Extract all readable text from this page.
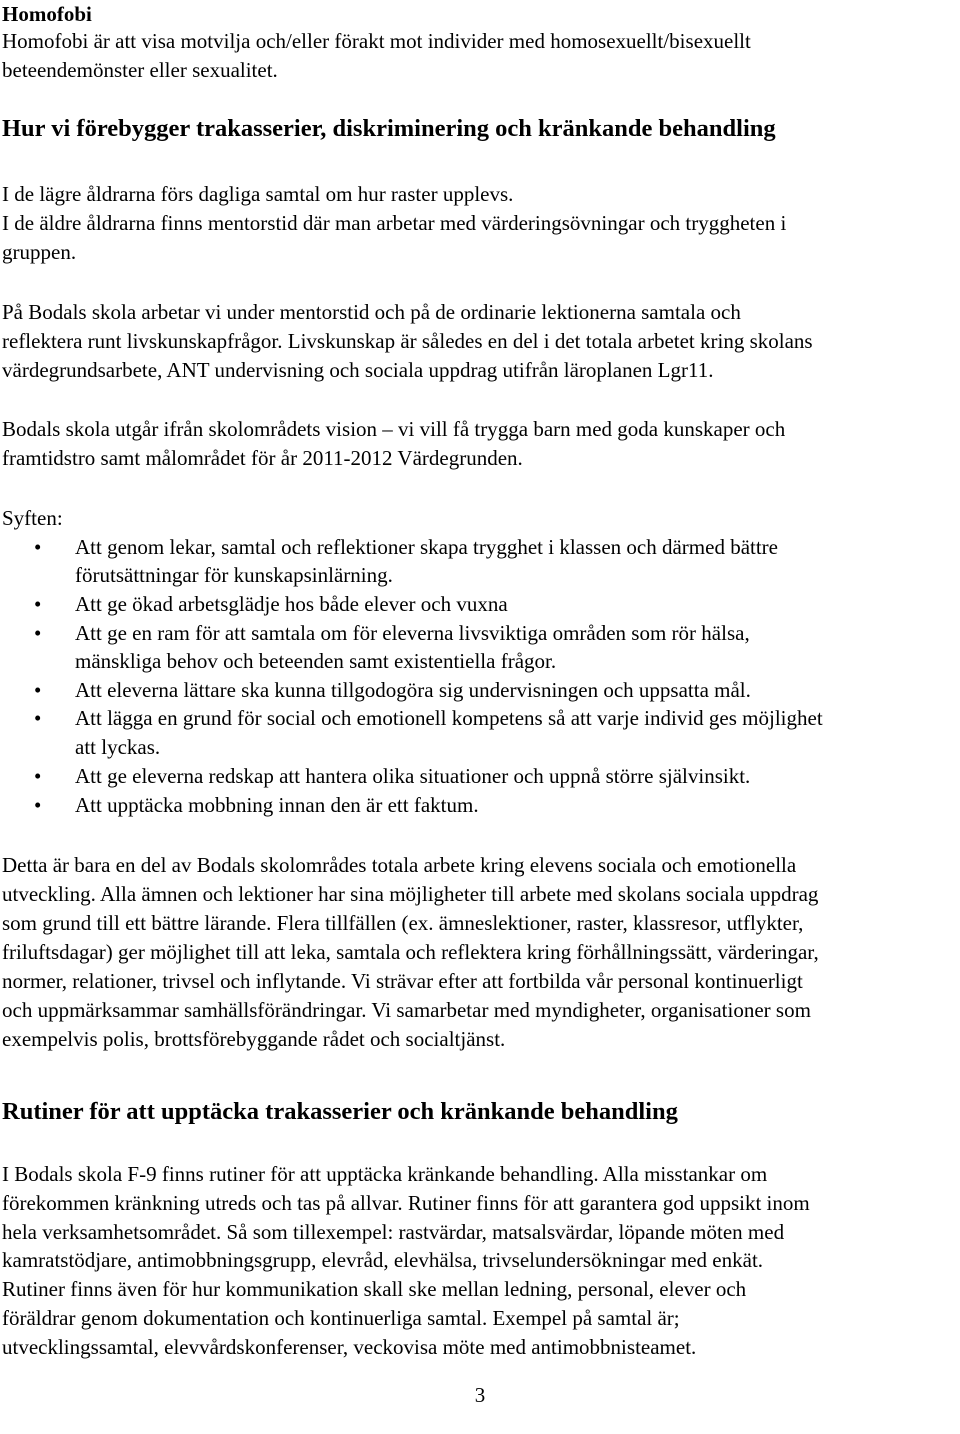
Homofobi

Homofobi är att visa motvilja och/eller förakt mot individer med homosexuellt/bisexuellt

beteendemönster eller sexualitet.

Hur vi förebygger trakasserier, diskriminering och kränkande behandling

I de lägre åldrarna förs dagliga samtal om hur raster upplevs.

I de äldre åldrarna finns mentorstid där man arbetar med värderingsövningar och tryggheten i

gruppen.

På Bodals skola arbetar vi under mentorstid och på de ordinarie lektionerna samtala och

reflektera runt livskunskapfrågor. Livskunskap är således en del i det totala arbetet kring skolans

värdegrundsarbete, ANT undervisning och sociala uppdrag utifrån läroplanen Lgr11.

Bodals skola utgår ifrån skolområdets vision – vi vill få trygga barn med goda kunskaper och

framtidstro samt målområdet för år 2011-2012 Värdegrunden.

Syften:

• Att genom lekar, samtal och reflektioner skapa trygghet i klassen och därmed bättre

förutsättningar för kunskapsinlärning.

• Att ge ökad arbetsglädje hos både elever och vuxna

• Att ge en ram för att samtala om för eleverna livsviktiga områden som rör hälsa,

mänskliga behov och beteenden samt existentiella frågor.

• Att eleverna lättare ska kunna tillgodogöra sig undervisningen och uppsatta mål.

• Att lägga en grund för social och emotionell kompetens så att varje individ ges möjlighet

att lyckas.

• Att ge eleverna redskap att hantera olika situationer och uppnå större självinsikt.

• Att upptäcka mobbning innan den är ett faktum.

Detta är bara en del av Bodals skolområdes totala arbete kring elevens sociala och emotionella

utveckling. Alla ämnen och lektioner har sina möjligheter till arbete med skolans sociala uppdrag

som grund till ett bättre lärande. Flera tillfällen (ex. ämneslektioner, raster, klassresor, utflykter,

friluftsdagar) ger möjlighet till att leka, samtala och reflektera kring förhållningssätt, värderingar,

normer, relationer, trivsel och inflytande. Vi strävar efter att fortbilda vår personal kontinuerligt

och uppmärksammar samhällsförändringar. Vi samarbetar med myndigheter, organisationer som

exempelvis polis, brottsförebyggande rådet och socialtjänst.

Rutiner för att upptäcka trakasserier och kränkande behandling

I Bodals skola F-9 finns rutiner för att upptäcka kränkande behandling. Alla misstankar om

förekommen kränkning utreds och tas på allvar. Rutiner finns för att garantera god uppsikt inom

hela verksamhetsområdet. Så som tillexempel: rastvärdar, matsalsvärdar, löpande möten med

kamratstödjare, antimobbningsgrupp, elevråd, elevhälsa, trivselundersökningar med enkät.

Rutiner finns även för hur kommunikation skall ske mellan ledning, personal, elever och

föräldrar genom dokumentation och kontinuerliga samtal. Exempel på samtal är;

utvecklingssamtal, elevvårdskonferenser, veckovisa möte med antimobbnisteamet.

3
